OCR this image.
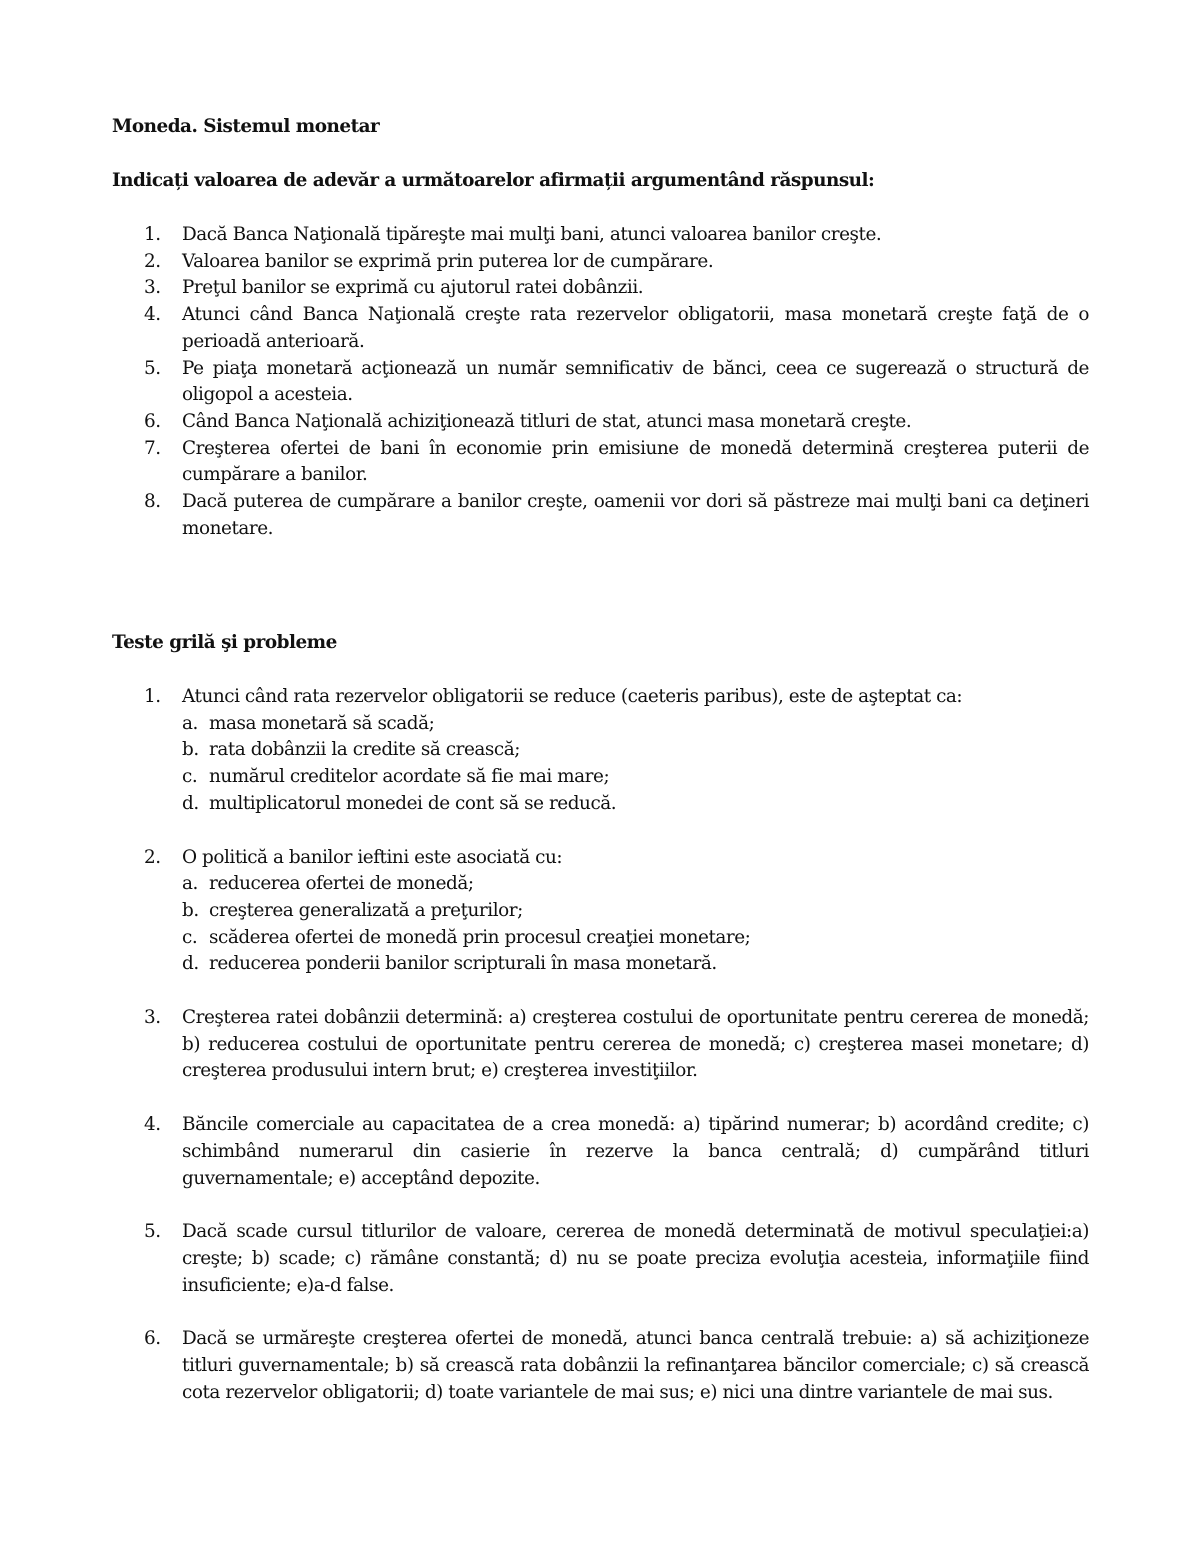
Moneda. Sistemul monetar
Indicați valoarea de adevăr a următoarelor afirmații argumentând răspunsul:
1. Dacă Banca Naţională tipăreşte mai mulţi bani, atunci valoarea banilor creşte.
2. Valoarea banilor se exprimă prin puterea lor de cumpărare.
3. Preţul banilor se exprimă cu ajutorul ratei dobânzii.
4. Atunci când Banca Naţională creşte rata rezervelor obligatorii, masa monetară creşte faţă de o perioadă anterioară.
5. Pe piaţa monetară acţionează un număr semnificativ de bănci, ceea ce sugerează o structură de oligopol a acesteia.
6. Când Banca Naţională achiziţionează titluri de stat, atunci masa monetară creşte.
7. Creşterea ofertei de bani în economie prin emisiune de monedă determină creşterea puterii de cumpărare a banilor.
8. Dacă puterea de cumpărare a banilor creşte, oamenii vor dori să păstreze mai mulţi bani ca deţineri monetare.
Teste grilă şi probleme
1. Atunci când rata rezervelor obligatorii se reduce (caeteris paribus), este de aşteptat ca:
a. masa monetară să scadă;
b. rata dobânzii la credite să crească;
c. numărul creditelor acordate să fie mai mare;
d. multiplicatorul monedei de cont să se reducă.
2. O politică a banilor ieftini este asociată cu:
a. reducerea ofertei de monedă;
b. creşterea generalizată a preţurilor;
c. scăderea ofertei de monedă prin procesul creaţiei monetare;
d. reducerea ponderii banilor scripturali în masa monetară.
3. Creşterea ratei dobânzii determină: a) creşterea costului de oportunitate pentru cererea de monedă; b) reducerea costului de oportunitate pentru cererea de monedă; c) creşterea masei monetare; d) creşterea produsului intern brut; e) creşterea investiţiilor.
4. Băncile comerciale au capacitatea de a crea monedă: a) tipărind numerar; b) acordând credite; c) schimbând numerarul din casierie în rezerve la banca centrală; d) cumpărând titluri guvernamentale; e) acceptând depozite.
5. Dacă scade cursul titlurilor de valoare, cererea de monedă determinată de motivul speculaţiei:a) creşte; b) scade; c) rămâne constantă; d) nu se poate preciza evoluţia acesteia, informaţiile fiind insuficiente; e)a-d false.
6. Dacă se urmăreşte creşterea ofertei de monedă, atunci banca centrală trebuie: a) să achiziţioneze titluri guvernamentale; b) să crească rata dobânzii la refinanţarea băncilor comerciale; c) să crească cota rezervelor obligatorii; d) toate variantele de mai sus; e) nici una dintre variantele de mai sus.
